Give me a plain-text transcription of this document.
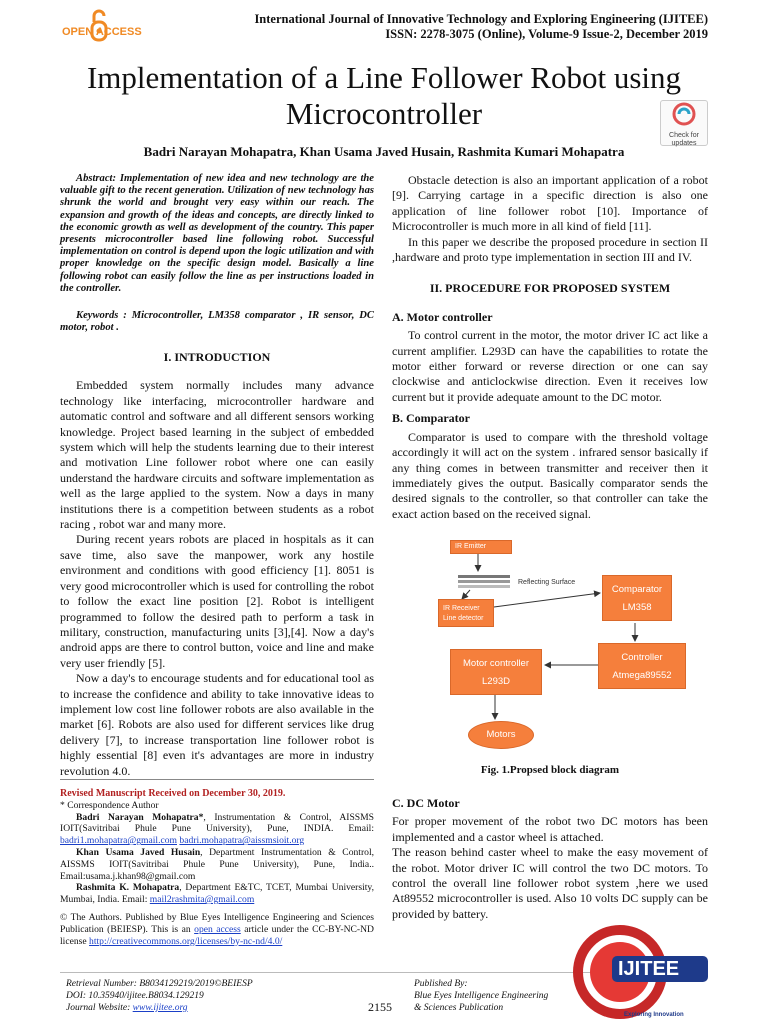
OPEN ACCESS
International Journal of Innovative Technology and Exploring Engineering (IJITEE)
ISSN: 2278-3075 (Online), Volume-9 Issue-2, December 2019
Implementation of a Line Follower Robot using
Microcontroller
Check for
updates
Badri Narayan Mohapatra, Khan Usama Javed Husain, Rashmita Kumari Mohapatra
Abstract: Implementation of new idea and new technology are the valuable gift to the recent generation. Utilization of new technology has shrunk the world and brought very easy within our reach. The expansion and growth of the ideas and concepts, are directly linked to the economic growth as well as development of the country. This paper presents microcontroller based line following robot. Successful implementation on control is depend upon the logic utilization and with proper knowledge on the specific design model. Basically a line following robot can easily follow the line as per instructions loaded in the controller.
Keywords : Microcontroller, LM358 comparator , IR sensor, DC motor, robot .
I. INTRODUCTION

Embedded system normally includes many advance technology like interfacing, microcontroller hardware and automatic control and software and all different sensors working knowledge. Project based learning in the subject of embedded system which will help the students learning due to their interest and motivation Line follower robot where one can easily understand the hardware circuits and software implementation as well as the large applied to the system. Now a days in many institutions there is a competition between students as a robot racing , robot war and many more.

During recent years robots are placed in hospitals as it can save time, also save the manpower, work any hostile environment and conditions with good efficiency [1]. 8051 is very good microcontroller which is used for controlling the robot to follow the exact line position [2]. Robot is intelligent programmed to follow the desired path to perform a task in military, construction, manufacturing units [3],[4]. Now a day's android apps are there to control button, voice and line and make very user friendly [5].

Now a day's to encourage students and for educational tool as to increase the confidence and ability to take innovative ideas to implement low cost line follower robots are also available in the market [6]. Robots are also used for different services like drug delivery [7], to increase transportation line follower robot is highly essential [8] even it's advantages are more in industry revolution 4.0.

Revised Manuscript Received on December 30, 2019.

* Correspondence Author

Badri Narayan Mohapatra*, Instrumentation & Control, AISSMS IOIT(Savitribai Phule Pune University), Pune, INDIA. Email: badri1.mohapatra@gmail.com badri.mohapatra@aissmsioit.org

Khan Usama Javed Husain, Department Instrumentation & Control, AISSMS IOIT(Savitribai Phule Pune University), Pune, India.. Email:usama.j.khan98@gmail.com

Rashmita K. Mohapatra, Department E&TC, TCET, Mumbai University, Mumbai, India. Email: mail2rashmita@gmail.com

© The Authors. Published by Blue Eyes Intelligence Engineering and Sciences Publication (BEIESP). This is an open access article under the CC-BY-NC-ND license http://creativecommons.org/licenses/by-nc-nd/4.0/

Obstacle detection is also an important application of a robot [9]. Carrying cartage in a specific direction is also one application of line follower robot [10]. Importance of Microcontroller is much more in all kind of field [11].

In this paper we describe the proposed procedure in section II ,hardware and proto type implementation in section III and IV.

II. PROCEDURE FOR PROPOSED SYSTEM
A. Motor controller

To control current in the motor, the motor driver IC act like a current amplifier. L293D can have the capabilities to rotate the motor either forward or reverse direction or one can say clockwise and anticlockwise direction. Even it receives low current but it provide adequate amount to the DC motor.

B. Comparator

Comparator is used to compare with the threshold voltage accordingly it will act on the system . infrared sensor basically if any thing comes in between transmitter and receiver then it immediately gives the output. Basically comparator sends the desired signals to the controller, so that controller can take the exact action based on the received signal.

IR Emitter
Reflecting Surface
IR Receiver
Line detector
Comparator
LM358
Controller
Atmega89552
Motor controller
L293D
Motors
Fig. 1.Propsed block diagram
C. DC Motor

For proper movement of the robot two DC motors has been implemented and a castor wheel is attached.

The reason behind caster wheel to make the easy movement of the robot. Motor driver IC will control the two DC motors. To control the overall line follower robot system ,here we used At89552 microcontroller is used. Also 10 volts DC supply can be provided by battery.

Retrieval Number: B8034129219/2019©BEIESP
DOI: 10.35940/ijitee.B8034.129219
Journal Website: www.ijitee.org	2155
Published By:
Blue Eyes Intelligence Engineering
& Sciences Publication
IJITEE
Exploring Innovation
